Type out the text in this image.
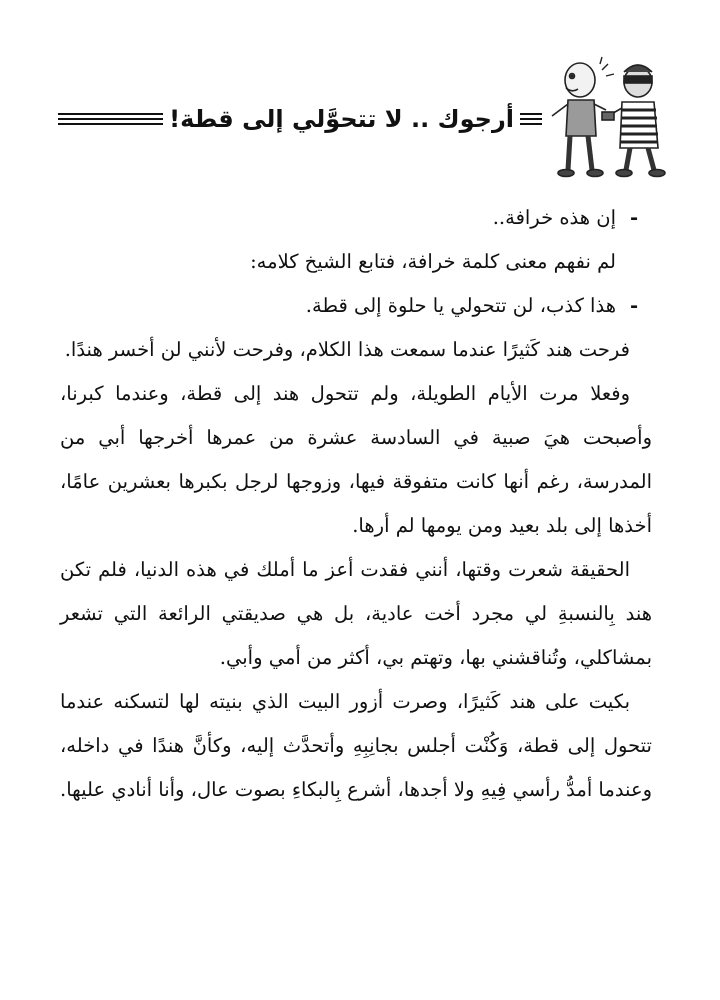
أرجوك .. لا تتحوَّلي إلى قطة!
-
إن هذه خرافة..

لم نفهم معنى كلمة خرافة، فتابع الشيخ كلامه:

-
هذا كذب، لن تتحولي يا حلوة إلى قطة.

فرحت هند كَثيرًا عندما سمعت هذا الكلام، وفرحت لأنني لن أخسر هندًا.

وفعلا مرت الأيام الطويلة، ولم تتحول هند إلى قطة، وعندما كبرنا، وأصبحت هيَ صبية في السادسة عشرة من عمرها أخرجها أبي من المدرسة، رغم أنها كانت متفوقة فيها، وزوجها لرجل بكبرها بعشرين عامًا، أخذها إلى بلد بعيد ومن يومها لم أرها.

الحقيقة شعرت وقتها، أنني فقدت أعز ما أملك في هذه الدنيا، فلم تكن هند بِالنسبةِ لي مجرد أخت عادية، بل هي صديقتي الرائعة التي تشعر بمشاكلي، وتُناقشني بها، وتهتم بي، أكثر من أمي وأبي.

بكيت على هند كَثيرًا، وصرت أزور البيت الذي بنيته لها لتسكنه عندما تتحول إلى قطة، وَكُنْت أجلس بجانِبِهِ وأتحدَّث إليه، وكأنَّ هندًا في داخله، وعندما أمدُّ رأسي فِيهِ ولا أجدها، أشرع بِالبكاءِ بصوت عال، وأنا أنادي عليها.
